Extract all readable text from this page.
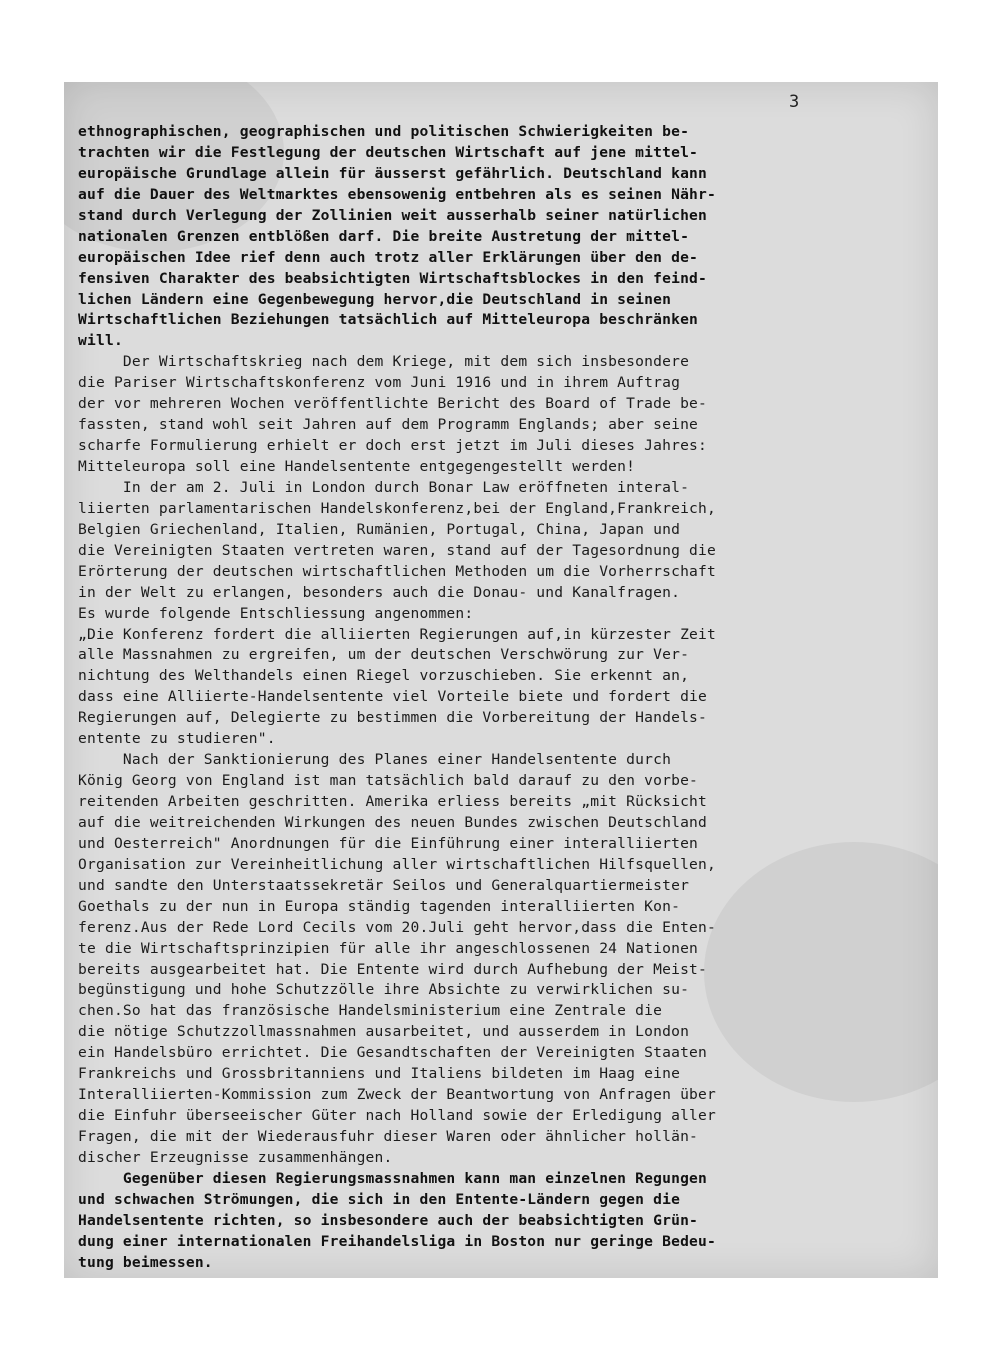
3
ethnographischen, geographischen und politischen Schwierigkeiten be-
trachten wir die Festlegung der deutschen Wirtschaft auf jene mittel-
europäische Grundlage allein für äusserst gefährlich. Deutschland kann
auf die Dauer des Weltmarktes ebensowenig entbehren als es seinen Nähr-
stand durch Verlegung der Zollinien weit ausserhalb seiner natürlichen
nationalen Grenzen entblößen darf. Die breite Austretung der mittel-
europäischen Idee rief denn auch trotz aller Erklärungen über den de-
fensiven Charakter des beabsichtigten Wirtschaftsblockes in den feind-
lichen Ländern eine Gegenbewegung hervor,die Deutschland in seinen
Wirtschaftlichen Beziehungen tatsächlich auf Mitteleuropa beschränken
will.
Der Wirtschaftskrieg nach dem Kriege, mit dem sich insbesondere
die Pariser Wirtschaftskonferenz vom Juni 1916 und in ihrem Auftrag
der vor mehreren Wochen veröffentlichte Bericht des Board of Trade be-
fassten, stand wohl seit Jahren auf dem Programm Englands; aber seine
scharfe Formulierung erhielt er doch erst jetzt im Juli dieses Jahres:
Mitteleuropa soll eine Handelsentente entgegengestellt werden!
In der am 2. Juli in London durch Bonar Law eröffneten interal-
liierten parlamentarischen Handelskonferenz,bei der England,Frankreich,
Belgien Griechenland, Italien, Rumänien, Portugal, China, Japan und
die Vereinigten Staaten vertreten waren, stand auf der Tagesordnung die
Erörterung der deutschen wirtschaftlichen Methoden um die Vorherrschaft
in der Welt zu erlangen, besonders auch die Donau- und Kanalfragen.
Es wurde folgende Entschliessung angenommen:
„Die Konferenz fordert die alliierten Regierungen auf,in kürzester Zeit
alle Massnahmen zu ergreifen, um der deutschen Verschwörung zur Ver-
nichtung des Welthandels einen Riegel vorzuschieben. Sie erkennt an,
dass eine Alliierte-Handelsentente viel Vorteile biete und fordert die
Regierungen auf, Delegierte zu bestimmen die Vorbereitung der Handels-
entente zu studieren".
Nach der Sanktionierung des Planes einer Handelsentente durch
König Georg von England ist man tatsächlich bald darauf zu den vorbe-
reitenden Arbeiten geschritten. Amerika erliess bereits „mit Rücksicht
auf die weitreichenden Wirkungen des neuen Bundes zwischen Deutschland
und Oesterreich" Anordnungen für die Einführung einer interalliierten
Organisation zur Vereinheitlichung aller wirtschaftlichen Hilfsquellen,
und sandte den Unterstaatssekretär Seilos und Generalquartiermeister
Goethals zu der nun in Europa ständig tagenden interalliierten Kon-
ferenz.Aus der Rede Lord Cecils vom 20.Juli geht hervor,dass die Enten-
te die Wirtschaftsprinzipien für alle ihr angeschlossenen 24 Nationen
bereits ausgearbeitet hat. Die Entente wird durch Aufhebung der Meist-
begünstigung und hohe Schutzzölle ihre Absichte zu verwirklichen su-
chen.So hat das französische Handelsministerium eine Zentrale die
die nötige Schutzzollmassnahmen ausarbeitet, und ausserdem in London
ein Handelsbüro errichtet. Die Gesandtschaften der Vereinigten Staaten
Frankreichs und Grossbritanniens und Italiens bildeten im Haag eine
Interalliierten-Kommission zum Zweck der Beantwortung von Anfragen über
die Einfuhr überseeischer Güter nach Holland sowie der Erledigung aller
Fragen, die mit der Wiederausfuhr dieser Waren oder ähnlicher hollän-
discher Erzeugnisse zusammenhängen.
Gegenüber diesen Regierungsmassnahmen kann man einzelnen Regungen
und schwachen Strömungen, die sich in den Entente-Ländern gegen die
Handelsentente richten, so insbesondere auch der beabsichtigten Grün-
dung einer internationalen Freihandelsliga in Boston nur geringe Bedeu-
tung beimessen.
